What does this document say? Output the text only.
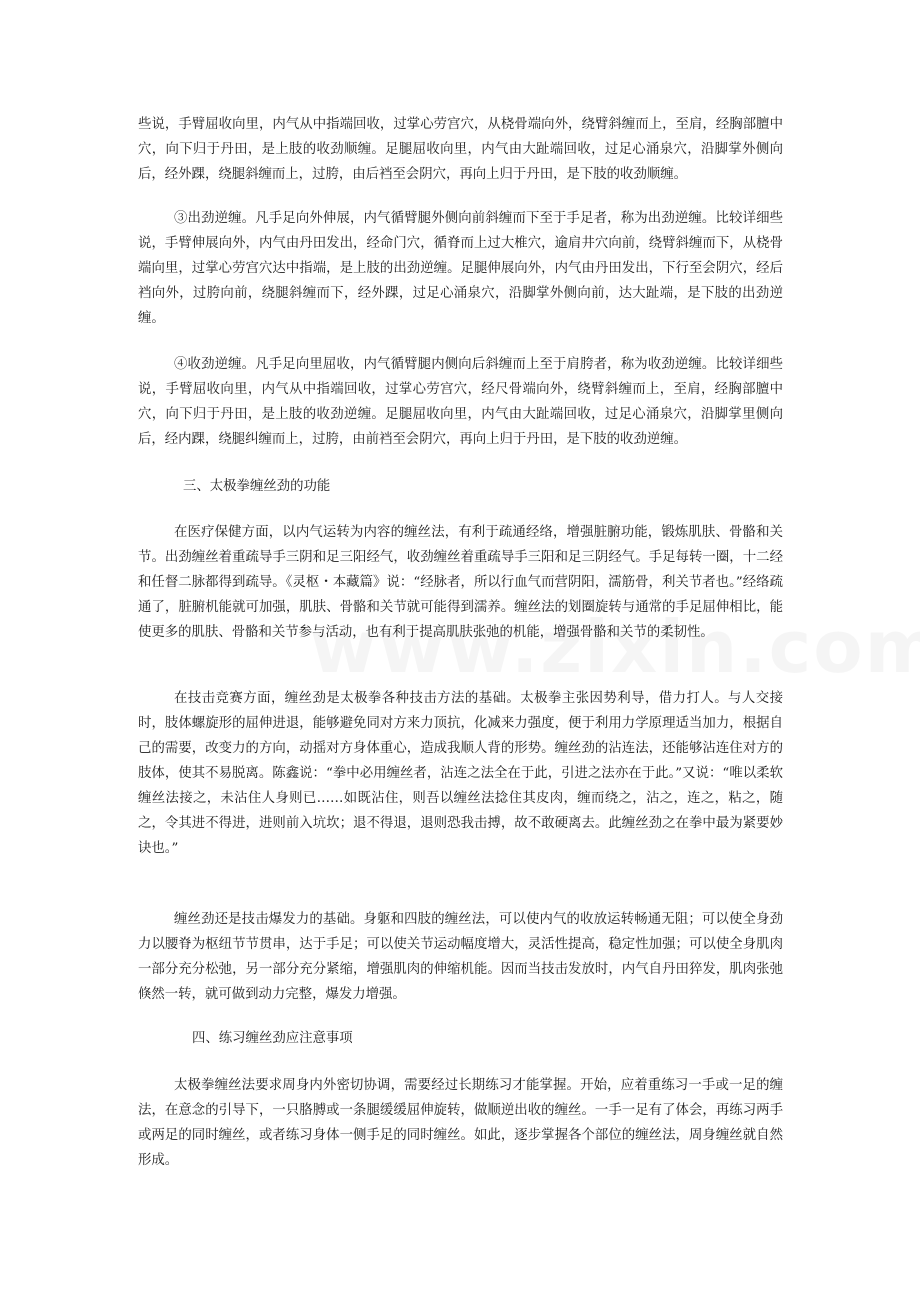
些说，手臂屈收向里，内气从中指端回收，过掌心劳宫穴，从桡骨端向外，绕臂斜缠而上，至肩，经胸部膻中穴，向下归于丹田，是上肢的收劲顺缠。足腿屈收向里，内气由大趾端回收，过足心涌泉穴，沿脚掌外侧向后，经外踝，绕腿斜缠而上，过胯，由后裆至会阴穴，再向上归于丹田，是下肢的收劲顺缠。

③出劲逆缠。凡手足向外伸展，内气循臂腿外侧向前斜缠而下至于手足者，称为出劲逆缠。比较详细些说，手臂伸展向外，内气由丹田发出，经命门穴，循脊而上过大椎穴，逾肩井穴向前，绕臂斜缠而下，从桡骨端向里，过掌心劳宫穴达中指端，是上肢的出劲逆缠。足腿伸展向外，内气由丹田发出，下行至会阴穴，经后裆向外，过胯向前，绕腿斜缠而下，经外踝，过足心涌泉穴，沿脚掌外侧向前，达大趾端，是下肢的出劲逆缠。

④收劲逆缠。凡手足向里屈收，内气循臂腿内侧向后斜缠而上至于肩胯者，称为收劲逆缠。比较详细些说，手臂屈收向里，内气从中指端回收，过掌心劳宫穴，经尺骨端向外，绕臂斜缠而上，至肩，经胸部膻中穴，向下归于丹田，是上肢的收劲逆缠。足腿屈收向里，内气由大趾端回收，过足心涌泉穴，沿脚掌里侧向后，经内踝，绕腿纠缠而上，过胯，由前裆至会阴穴，再向上归于丹田，是下肢的收劲逆缠。

三、太极拳缠丝劲的功能

在医疗保健方面，以内气运转为内容的缠丝法，有利于疏通经络，增强脏腑功能，锻炼肌肤、骨骼和关节。出劲缠丝着重疏导手三阴和足三阳经气，收劲缠丝着重疏导手三阳和足三阴经气。手足每转一圈，十二经和任督二脉都得到疏导。《灵枢・本藏篇》说：“经脉者，所以行血气而营阴阳，濡筋骨，利关节者也。”经络疏通了，脏腑机能就可加强，肌肤、骨骼和关节就可能得到濡养。缠丝法的划圈旋转与通常的手足屈伸相比，能使更多的肌肤、骨骼和关节参与活动，也有利于提高肌肤张弛的机能，增强骨骼和关节的柔韧性。

在技击竞赛方面，缠丝劲是太极拳各种技击方法的基础。太极拳主张因势利导，借力打人。与人交接时，肢体螺旋形的屈伸进退，能够避免同对方来力顶抗，化减来力强度，便于利用力学原理适当加力，根据自己的需要，改变力的方向，动摇对方身体重心，造成我顺人背的形势。缠丝劲的沾连法，还能够沾连住对方的肢体，使其不易脱离。陈鑫说：“拳中必用缠丝者，沾连之法全在于此，引进之法亦在于此。”又说：“唯以柔软缠丝法接之，未沾住人身则已……如既沾住，则吾以缠丝法捻住其皮肉，缠而绕之，沾之，连之，粘之，随之，令其进不得进，进则前入坑坎；退不得退，退则恐我击搏，故不敢硬离去。此缠丝劲之在拳中最为紧要妙诀也。”

缠丝劲还是技击爆发力的基础。身躯和四肢的缠丝法，可以使内气的收放运转畅通无阻；可以使全身劲力以腰脊为枢纽节节贯串，达于手足；可以使关节运动幅度增大，灵活性提高，稳定性加强；可以使全身肌肉一部分充分松弛，另一部分充分紧缩，增强肌肉的伸缩机能。因而当技击发放时，内气自丹田猝发，肌肉张弛倏然一转，就可做到动力完整，爆发力增强。

四、练习缠丝劲应注意事项

太极拳缠丝法要求周身内外密切协调，需要经过长期练习才能掌握。开始，应着重练习一手或一足的缠法，在意念的引导下，一只胳膊或一条腿缓缓屈伸旋转，做顺逆出收的缠丝。一手一足有了体会，再练习两手或两足的同时缠丝，或者练习身体一侧手足的同时缠丝。如此，逐步掌握各个部位的缠丝法，周身缠丝就自然形成。
